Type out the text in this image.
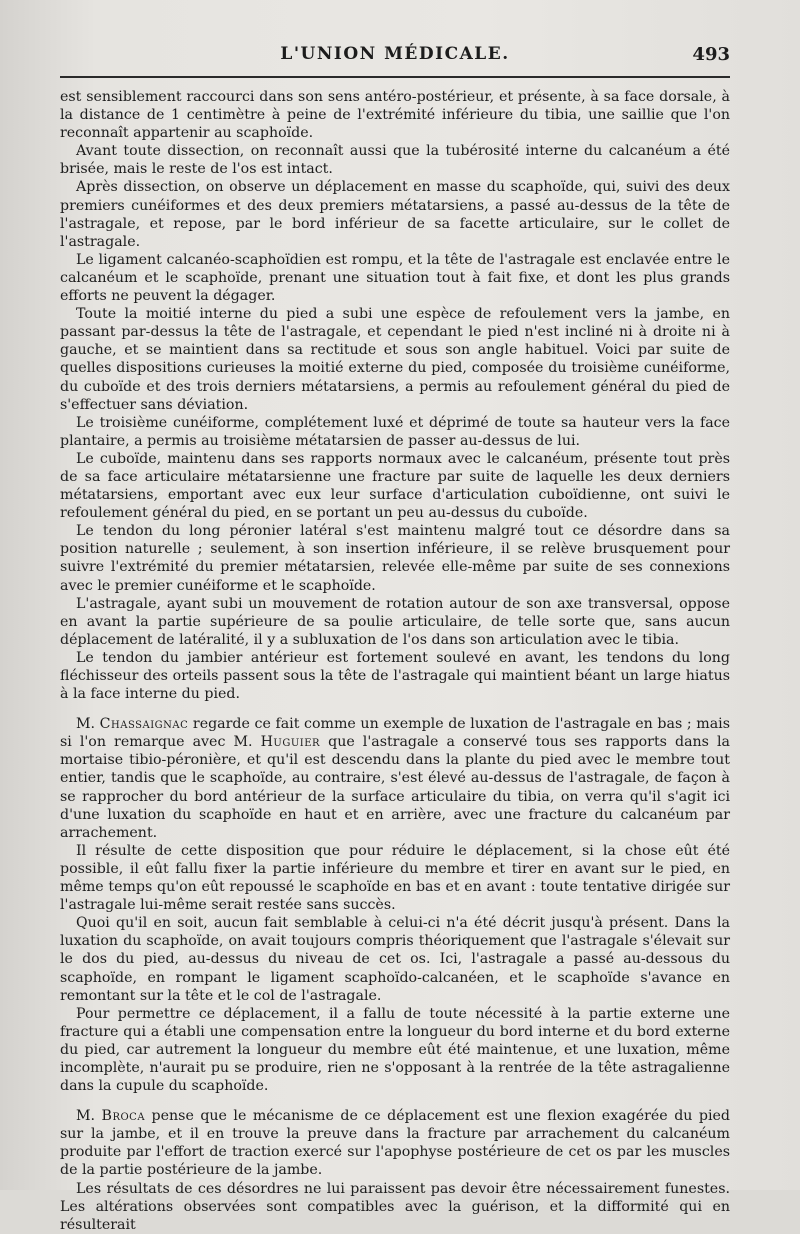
L'UNION MÉDICALE.	493

est sensiblement raccourci dans son sens antéro-postérieur, et présente, à sa face dorsale, à la distance de 1 centimètre à peine de l'extrémité inférieure du tibia, une saillie que l'on reconnaît appartenir au scaphoïde.

Avant toute dissection, on reconnaît aussi que la tubérosité interne du calcanéum a été brisée, mais le reste de l'os est intact.

Après dissection, on observe un déplacement en masse du scaphoïde, qui, suivi des deux premiers cunéiformes et des deux premiers métatarsiens, a passé au-dessus de la tête de l'astragale, et repose, par le bord inférieur de sa facette articulaire, sur le collet de l'astragale.

Le ligament calcanéo-scaphoïdien est rompu, et la tête de l'astragale est enclavée entre le calcanéum et le scaphoïde, prenant une situation tout à fait fixe, et dont les plus grands efforts ne peuvent la dégager.

Toute la moitié interne du pied a subi une espèce de refoulement vers la jambe, en passant par-dessus la tête de l'astragale, et cependant le pied n'est incliné ni à droite ni à gauche, et se maintient dans sa rectitude et sous son angle habituel. Voici par suite de quelles dispositions curieuses la moitié externe du pied, composée du troisième cunéiforme, du cuboïde et des trois derniers métatarsiens, a permis au refoulement général du pied de s'effectuer sans déviation.

Le troisième cunéiforme, complétement luxé et déprimé de toute sa hauteur vers la face plantaire, a permis au troisième métatarsien de passer au-dessus de lui.

Le cuboïde, maintenu dans ses rapports normaux avec le calcanéum, présente tout près de sa face articulaire métatarsienne une fracture par suite de laquelle les deux derniers métatarsiens, emportant avec eux leur surface d'articulation cuboïdienne, ont suivi le refoulement général du pied, en se portant un peu au-dessus du cuboïde.

Le tendon du long péronier latéral s'est maintenu malgré tout ce désordre dans sa position naturelle ; seulement, à son insertion inférieure, il se relève brusquement pour suivre l'extrémité du premier métatarsien, relevée elle-même par suite de ses connexions avec le premier cunéiforme et le scaphoïde.

L'astragale, ayant subi un mouvement de rotation autour de son axe transversal, oppose en avant la partie supérieure de sa poulie articulaire, de telle sorte que, sans aucun déplacement de latéralité, il y a subluxation de l'os dans son articulation avec le tibia.

Le tendon du jambier antérieur est fortement soulevé en avant, les tendons du long fléchisseur des orteils passent sous la tête de l'astragale qui maintient béant un large hiatus à la face interne du pied.

M. Chassaignac regarde ce fait comme un exemple de luxation de l'astragale en bas ; mais si l'on remarque avec M. Huguier que l'astragale a conservé tous ses rapports dans la mortaise tibio-péronière, et qu'il est descendu dans la plante du pied avec le membre tout entier, tandis que le scaphoïde, au contraire, s'est élevé au-dessus de l'astragale, de façon à se rapprocher du bord antérieur de la surface articulaire du tibia, on verra qu'il s'agit ici d'une luxation du scaphoïde en haut et en arrière, avec une fracture du calcanéum par arrachement.

Il résulte de cette disposition que pour réduire le déplacement, si la chose eût été possible, il eût fallu fixer la partie inférieure du membre et tirer en avant sur le pied, en même temps qu'on eût repoussé le scaphoïde en bas et en avant : toute tentative dirigée sur l'astragale lui-même serait restée sans succès.

Quoi qu'il en soit, aucun fait semblable à celui-ci n'a été décrit jusqu'à présent. Dans la luxation du scaphoïde, on avait toujours compris théoriquement que l'astragale s'élevait sur le dos du pied, au-dessus du niveau de cet os. Ici, l'astragale a passé au-dessous du scaphoïde, en rompant le ligament scaphoïdo-calcanéen, et le scaphoïde s'avance en remontant sur la tête et le col de l'astragale.

Pour permettre ce déplacement, il a fallu de toute nécessité à la partie externe une fracture qui a établi une compensation entre la longueur du bord interne et du bord externe du pied, car autrement la longueur du membre eût été maintenue, et une luxation, même incomplète, n'aurait pu se produire, rien ne s'opposant à la rentrée de la tête astragalienne dans la cupule du scaphoïde.

M. Broca pense que le mécanisme de ce déplacement est une flexion exagérée du pied sur la jambe, et il en trouve la preuve dans la fracture par arrachement du calcanéum produite par l'effort de traction exercé sur l'apophyse postérieure de cet os par les muscles de la partie postérieure de la jambe.

Les résultats de ces désordres ne lui paraissent pas devoir être nécessairement funestes. Les altérations observées sont compatibles avec la guérison, et la difformité qui en résulterait
